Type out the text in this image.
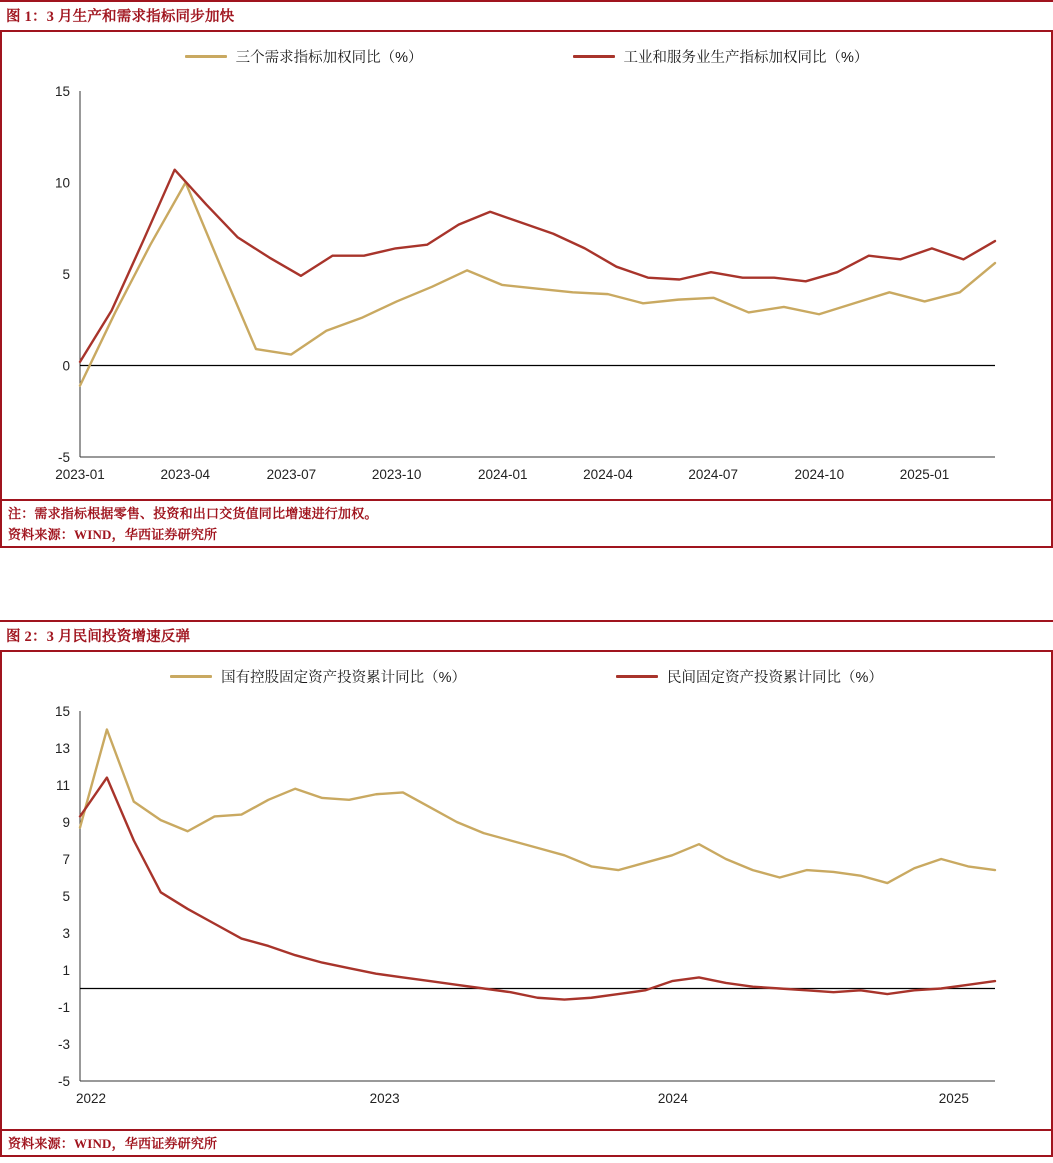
图 1：3 月生产和需求指标同步加快
三个需求指标加权同比（%）	工业和服务业生产指标加权同比（%）
-5
0
5
10
15
2023-01	2023-04	2023-07	2023-10	2024-01	2024-04	2024-07	2024-10	2025-01
注：需求指标根据零售、投资和出口交货值同比增速进行加权。
资料来源：WIND，华西证券研究所
图 2：3 月民间投资增速反弹
国有控股固定资产投资累计同比（%）	民间固定资产投资累计同比（%）
-5
-3
-1
1
3
5
7
9
11
13
15
2022	2023	2024	2025
资料来源：WIND，华西证券研究所
